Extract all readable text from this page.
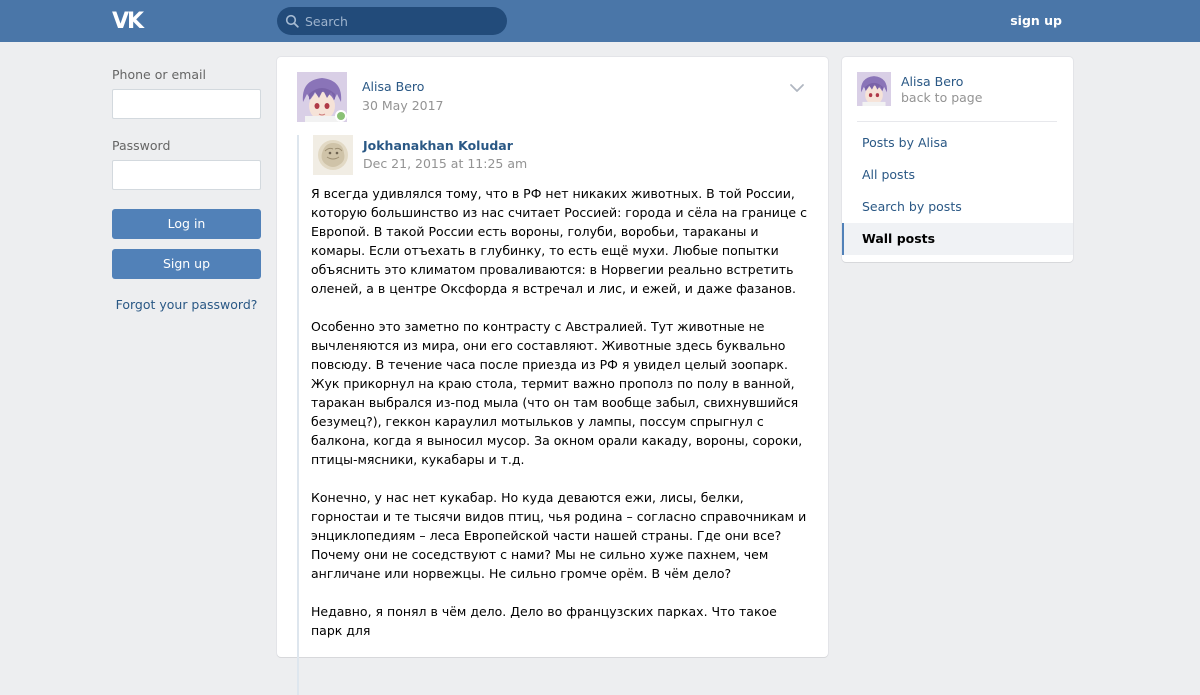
VK
Search	sign up
Phone or email
Password
Log in
Sign up
Forgot your password?
Alisa Bero
30 May 2017
Jokhanakhan Koludar
Dec 21, 2015 at 11:25 am

Я всегда удивлялся тому, что в РФ нет никаких животных. В той России, которую большинство из нас считает Россией: города и сёла на границе с Европой. В такой России есть вороны, голуби, воробьи, тараканы и комары. Если отъехать в глубинку, то есть ещё мухи. Любые попытки объяснить это климатом проваливаются: в Норвегии реально встретить оленей, а в центре Оксфорда я встречал и лис, и ежей, и даже фазанов.

Особенно это заметно по контрасту с Австралией. Тут животные не вычленяются из мира, они его составляют. Животные здесь буквально повсюду. В течение часа после приезда из РФ я увидел целый зоопарк. Жук прикорнул на краю стола, термит важно прополз по полу в ванной, таракан выбрался из-под мыла (что он там вообще забыл, свихнувшийся безумец?), геккон караулил мотыльков у лампы, поссум спрыгнул с балкона, когда я выносил мусор. За окном орали какаду, вороны, сороки, птицы-мясники, кукабары и т.д.

Конечно, у нас нет кукабар. Но куда деваются ежи, лисы, белки, горностаи и те тысячи видов птиц, чья родина – согласно справочникам и энциклопедиям – леса Европейской части нашей страны. Где они все? Почему они не соседствуют с нами? Мы не сильно хуже пахнем, чем англичане или норвежцы. Не сильно громче орём. В чём дело?

Недавно, я понял в чём дело. Дело во французских парках. Что такое парк для

Alisa Bero
back to page
Posts by Alisa
All posts
Search by posts
Wall posts
